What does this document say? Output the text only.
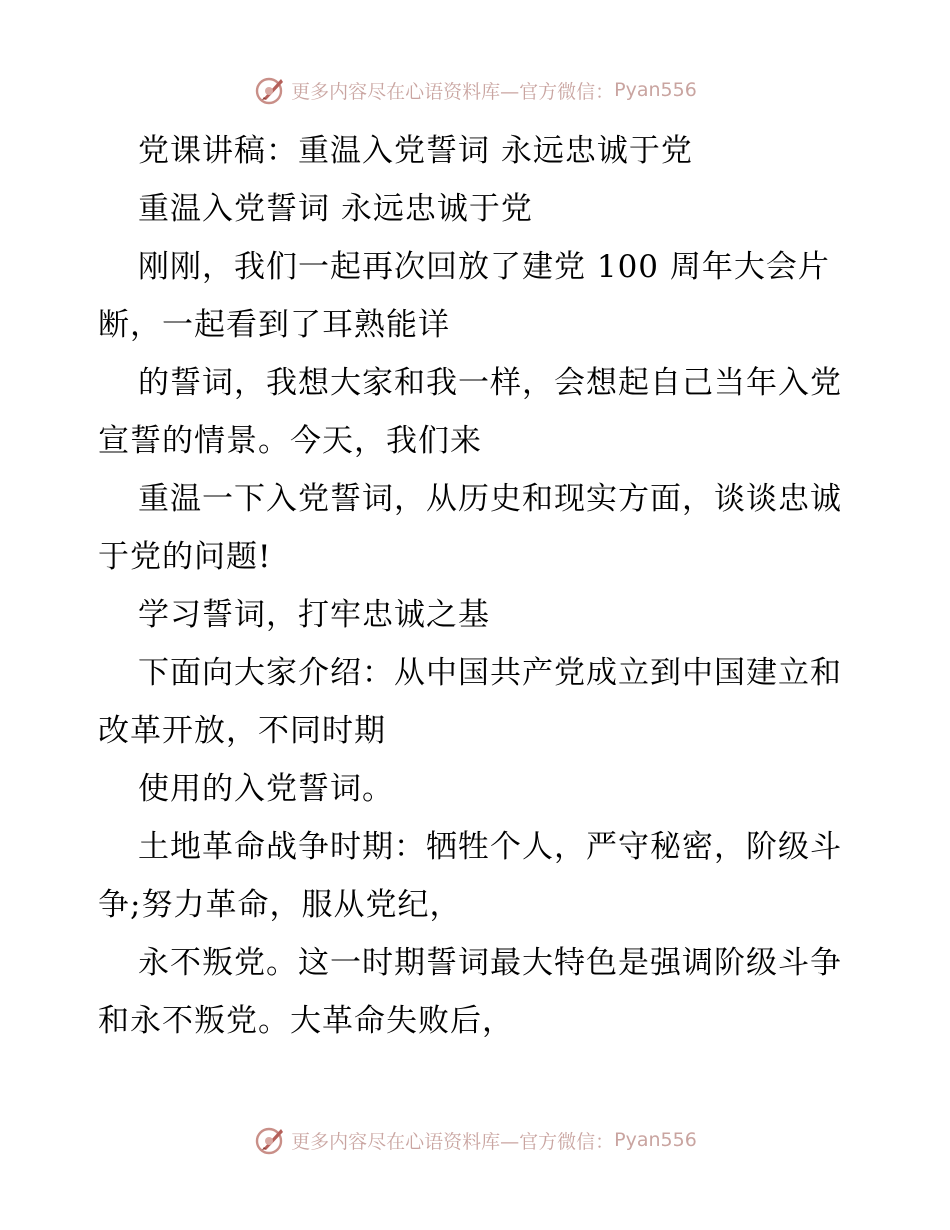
更多内容尽在心语资料库—官方微信： Pyan556

党课讲稿：重温入党誓词 永远忠诚于党

重温入党誓词 永远忠诚于党

刚刚，我们一起再次回放了建党 100 周年大会片断，一起看到了耳熟能详

的誓词，我想大家和我一样，会想起自己当年入党宣誓的情景。今天，我们来

重温一下入党誓词，从历史和现实方面，谈谈忠诚于党的问题!

学习誓词，打牢忠诚之基

下面向大家介绍：从中国共产党成立到中国建立和改革开放，不同时期

使用的入党誓词。

土地革命战争时期：牺牲个人，严守秘密，阶级斗争;努力革命，服从党纪，

永不叛党。这一时期誓词最大特色是强调阶级斗争和永不叛党。大革命失败后，

更多内容尽在心语资料库—官方微信： Pyan556
